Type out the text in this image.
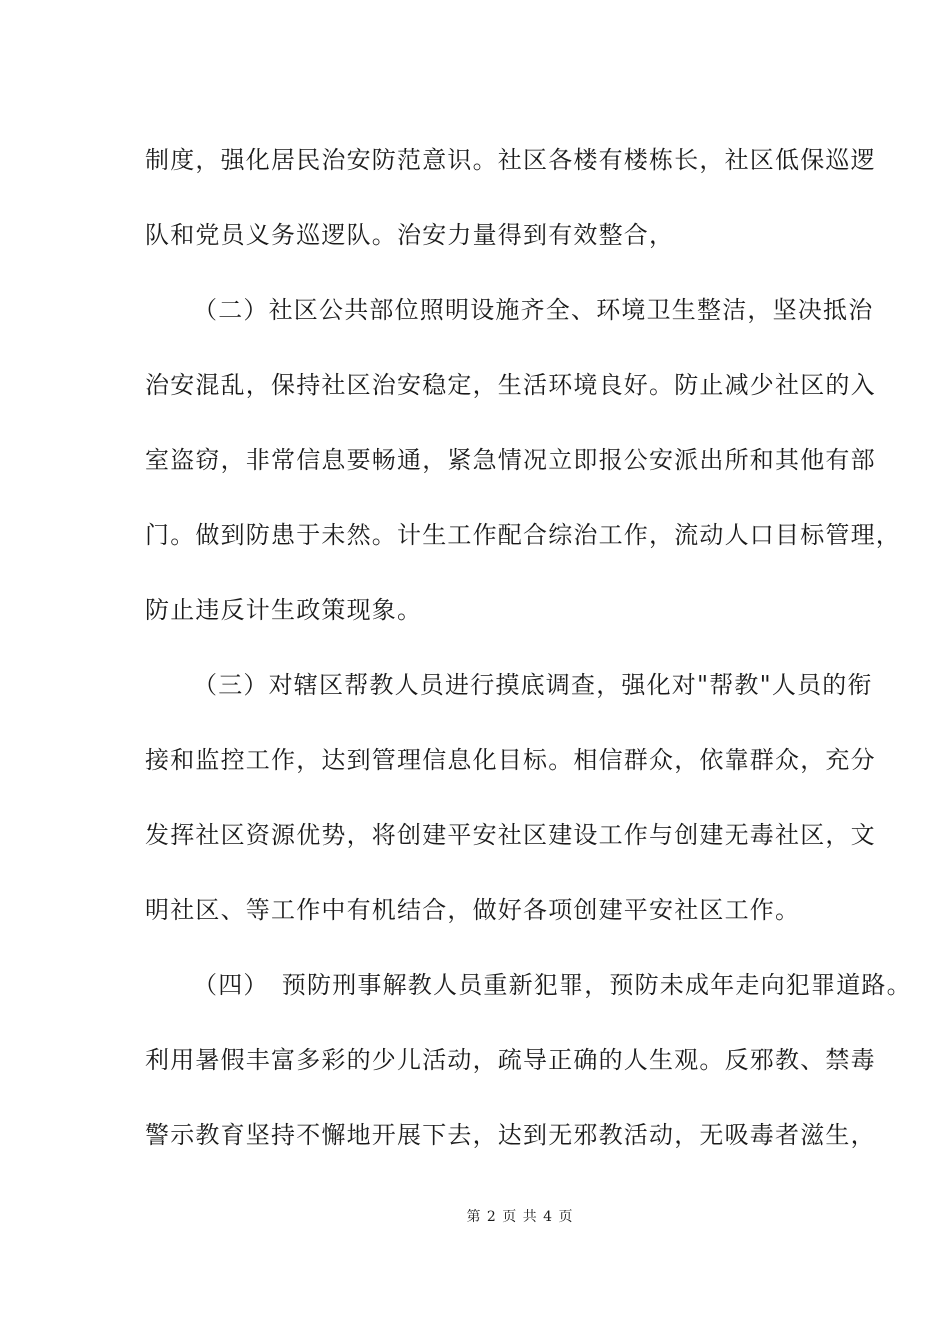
制度，强化居民治安防范意识。社区各楼有楼栋长，社区低保巡逻
队和党员义务巡逻队。治安力量得到有效整合，
（二）社区公共部位照明设施齐全、环境卫生整洁，坚决抵治
治安混乱，保持社区治安稳定，生活环境良好。防止减少社区的入
室盗窃，非常信息要畅通，紧急情况立即报公安派出所和其他有部
门。做到防患于未然。计生工作配合综治工作，流动人口目标管理，
防止违反计生政策现象。
（三）对辖区帮教人员进行摸底调查，强化对"帮教"人员的衔
接和监控工作，达到管理信息化目标。相信群众，依靠群众，充分
发挥社区资源优势，将创建平安社区建设工作与创建无毒社区，文
明社区、等工作中有机结合，做好各项创建平安社区工作。
（四）　预防刑事解教人员重新犯罪，预防未成年走向犯罪道路。
利用暑假丰富多彩的少儿活动，疏导正确的人生观。反邪教、禁毒
警示教育坚持不懈地开展下去，达到无邪教活动，无吸毒者滋生，
第 2 页 共 4 页
